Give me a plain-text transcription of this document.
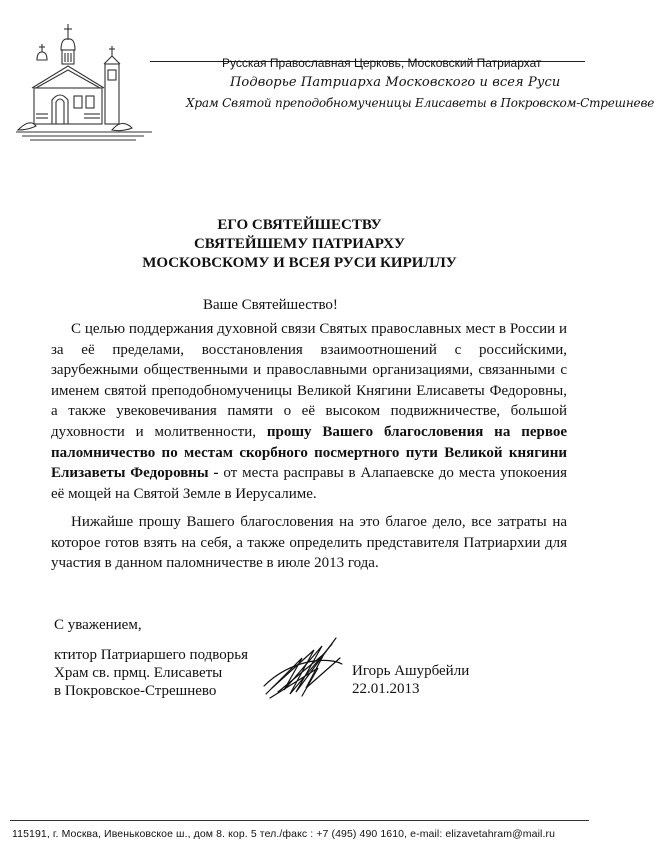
Русская Православная Церковь, Московский Патриархат
Подворье Патриарха Московского и всея Руси
Храм Святой преподобномученицы Елисаветы в Покровском-Стрешневе
ЕГО СВЯТЕЙШЕСТВУ
СВЯТЕЙШЕМУ ПАТРИАРХУ
МОСКОВСКОМУ И ВСЕЯ РУСИ КИРИЛЛУ
Ваше Святейшество!
С целью поддержания духовной связи Святых православных мест в России и за её пределами, восстановления взаимоотношений с российскими, зарубежными общественными и православными организациями, связанными с именем святой преподобномученицы Великой Княгини Елисаветы Федоровны, а также увековечивания памяти о её высоком подвижничестве, большой духовности и молитвенности, прошу Вашего благословения на первое паломничество по местам скорбного посмертного пути Великой княгини Елизаветы Федоровны - от места расправы в Алапаевске до места упокоения её мощей на Святой Земле в Иерусалиме.
Нижайше прошу Вашего благословения на это благое дело, все затраты на которое готов взять на себя, а также определить представителя Патриархии для участия в данном паломничестве в июле 2013 года.
С уважением,
ктитор Патриаршего подворья
Храм св. прмц. Елисаветы
в Покровское-Стрешнево
Игорь Ашурбейли
22.01.2013
115191, г. Москва, Ивеньковское ш., дом 8. кор. 5 тел./факс : +7 (495) 490 1610, e-mail: elizavetahram@mail.ru
